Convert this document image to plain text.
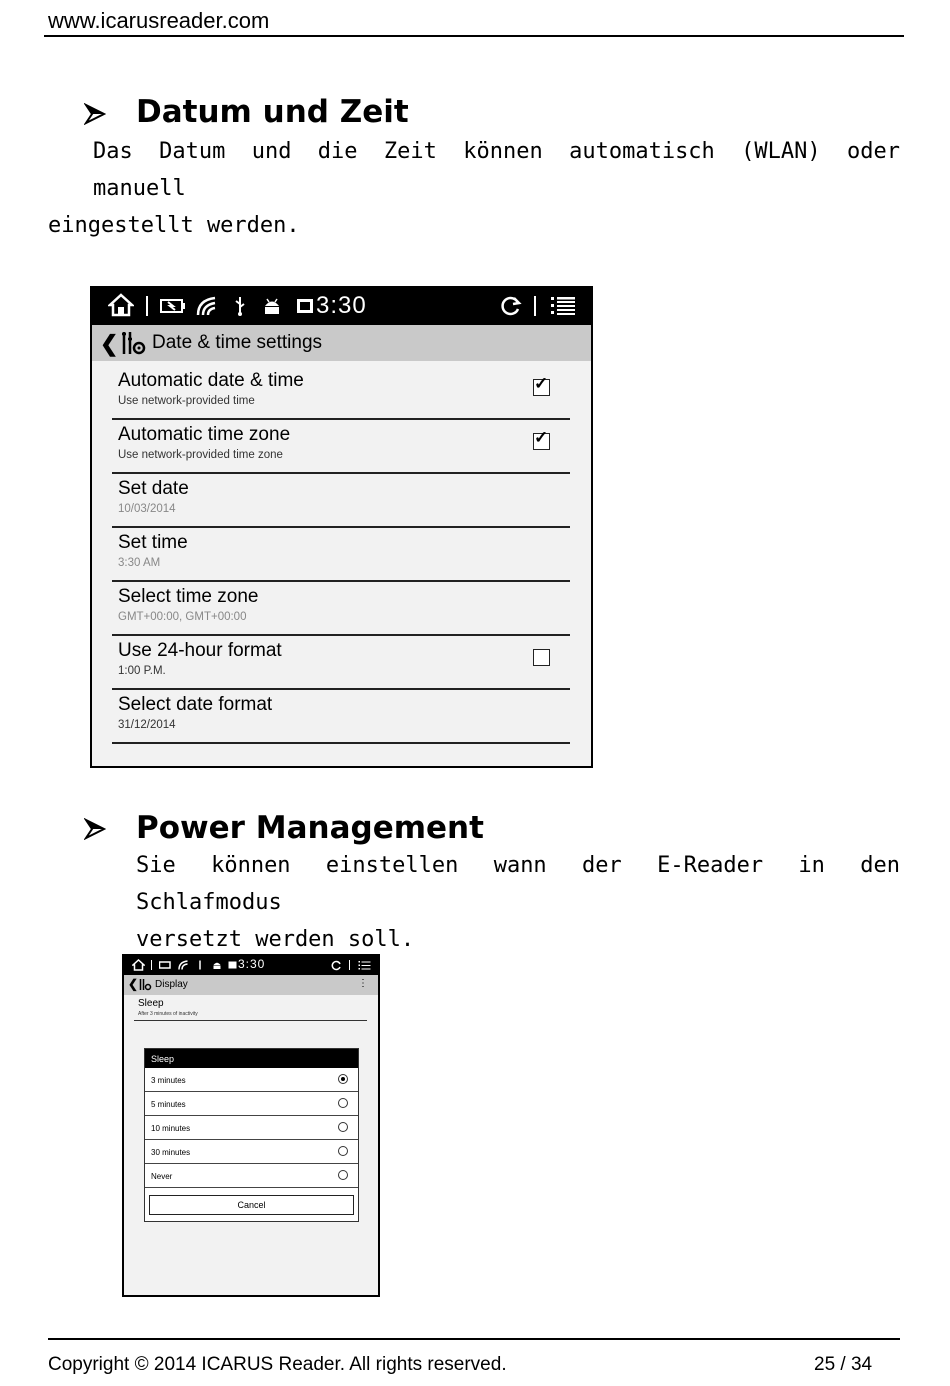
www.icarusreader.com
Datum und Zeit
Das Datum und die Zeit können automatisch (WLAN) oder manuell
eingestellt werden.
3:30
❮ Date & time settings
Automatic date & time
Use network-provided time
✓
Automatic time zone
Use network-provided time zone
✓
Set date
10/03/2014
Set time
3:30 AM
Select time zone
GMT+00:00, GMT+00:00
Use 24-hour format
1:00 P.M.
Select date format
31/12/2014
Power Management
Sie können einstellen wann der E-Reader in den Schlafmodus
versetzt werden soll.
3:30
❮ Display	⋮
Sleep
After 3 minutes of inactivity
Sleep
3 minutes
5 minutes
10 minutes
30 minutes
Never
Cancel
Copyright © 2014 ICARUS Reader. All rights reserved.	25 / 34
